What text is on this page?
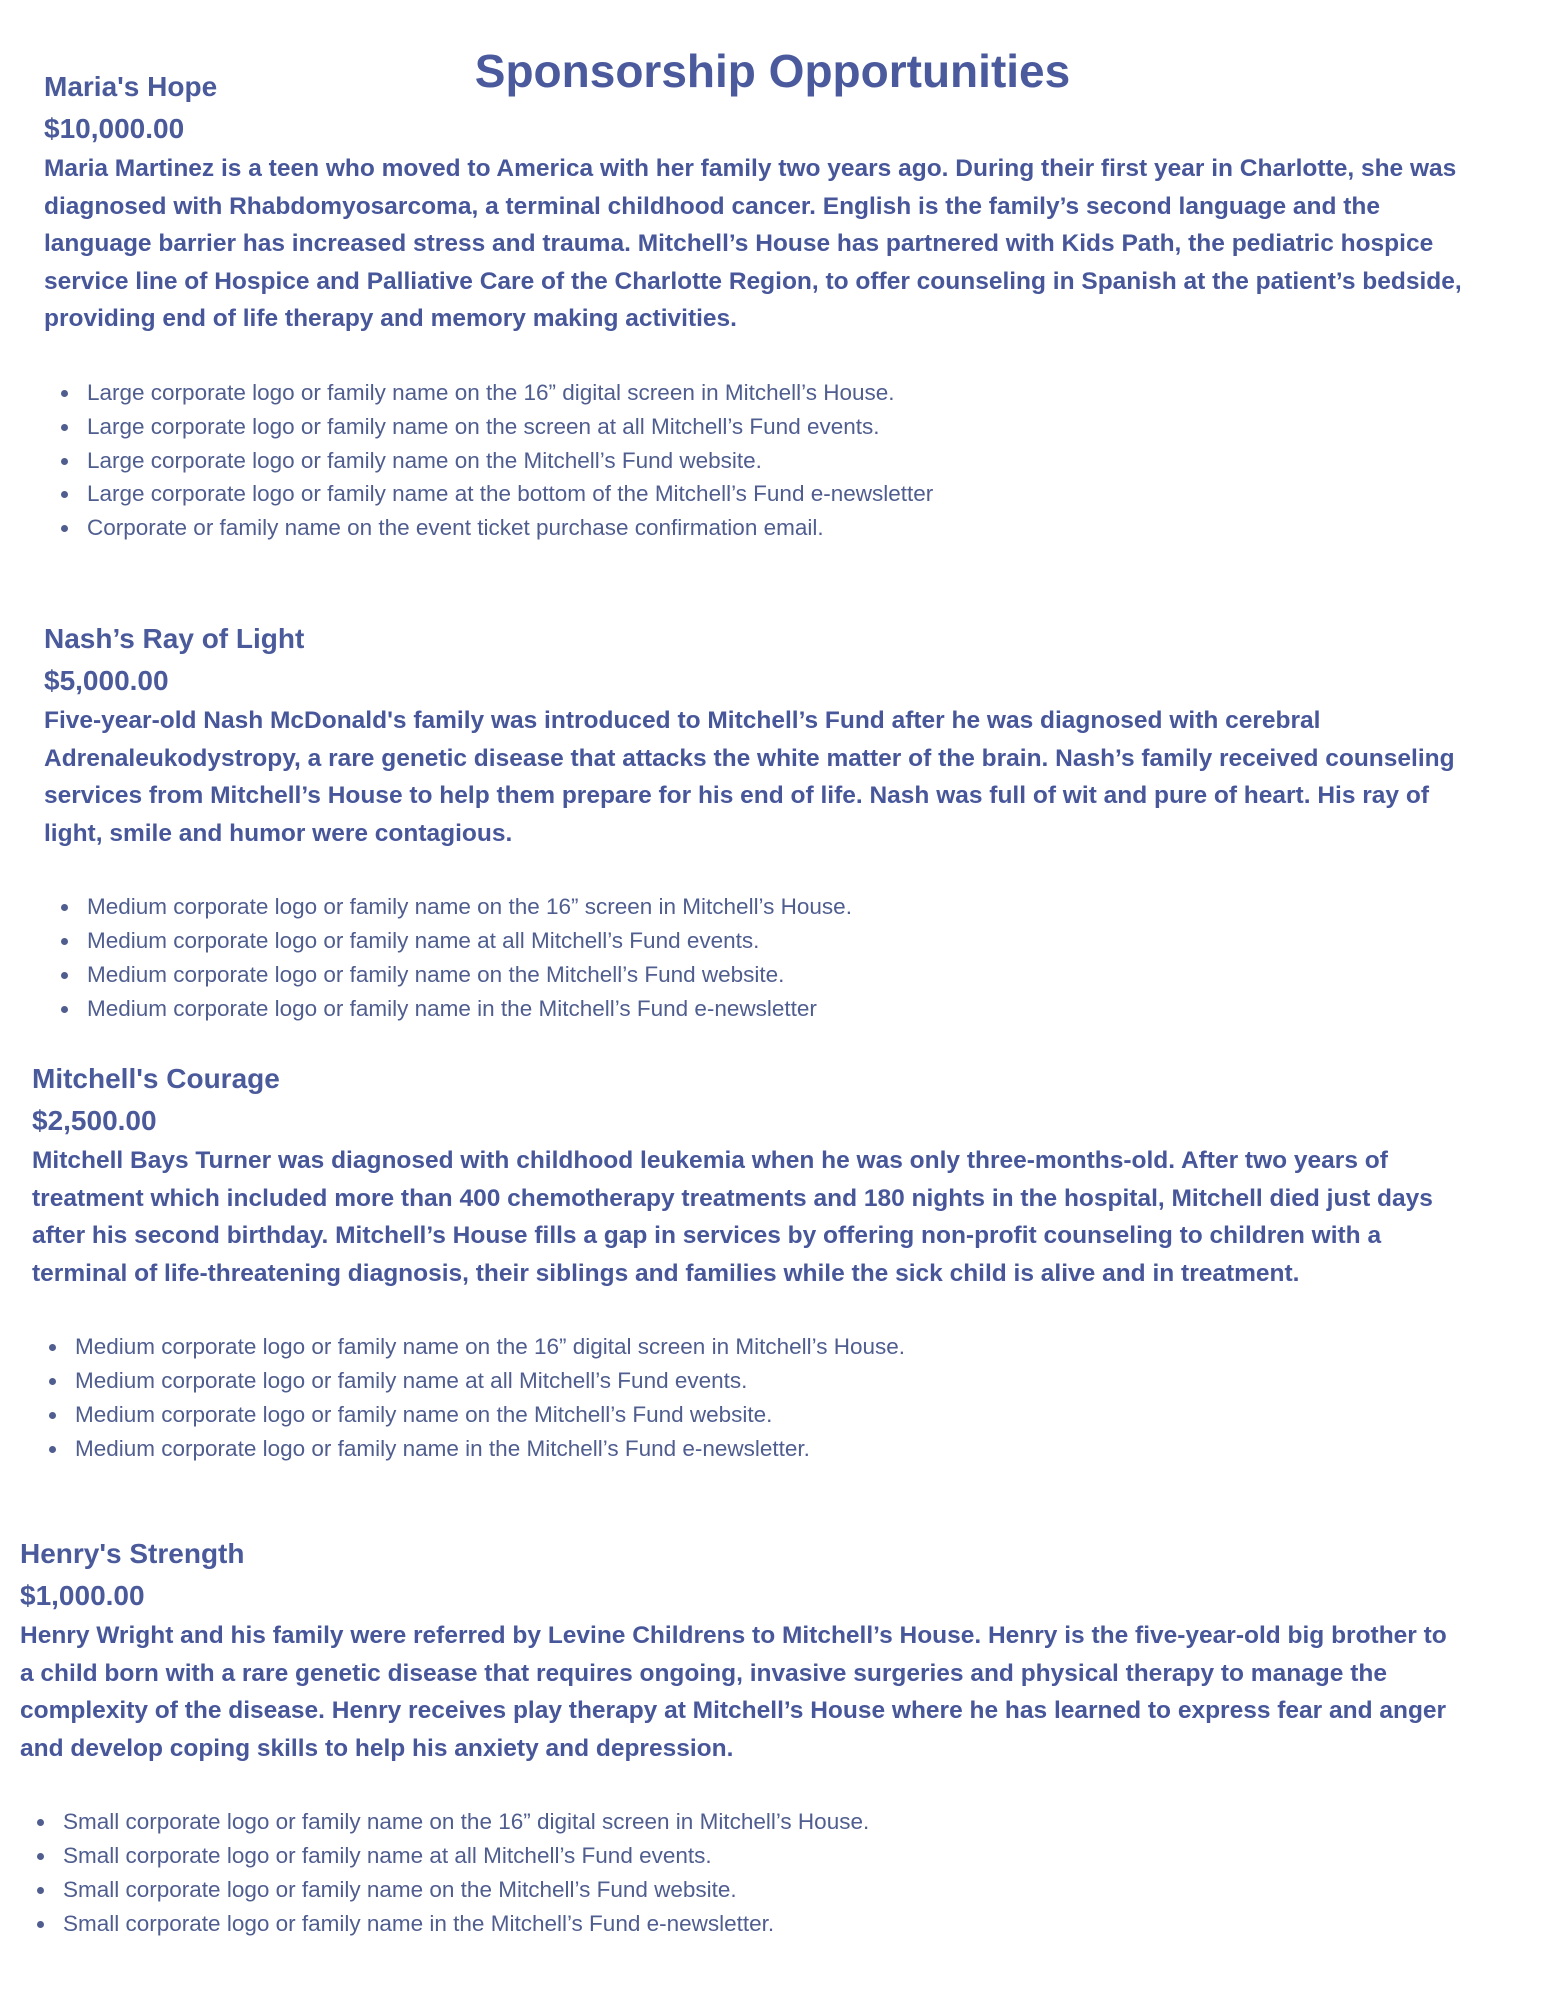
Sponsorship Opportunities

Maria's Hope

$10,000.00

Maria Martinez is a teen who moved to America with her family two years ago. During their first year in Charlotte, she was diagnosed with Rhabdomyosarcoma, a terminal childhood cancer. English is the family’s second language and the language barrier has increased stress and trauma. Mitchell’s House has partnered with Kids Path, the pediatric hospice service line of Hospice and Palliative Care of the Charlotte Region, to offer counseling in Spanish at the patient’s bedside, providing end of life therapy and memory making activities.

Large corporate logo or family name on the 16” digital screen in Mitchell’s House.
Large corporate logo or family name on the screen at all Mitchell’s Fund events.
Large corporate logo or family name on the Mitchell’s Fund website.
Large corporate logo or family name at the bottom of the Mitchell’s Fund e-newsletter
Corporate or family name on the event ticket purchase confirmation email.

Nash’s Ray of Light

$5,000.00

Five-year-old Nash McDonald's family was introduced to Mitchell’s Fund after he was diagnosed with cerebral Adrenaleukodystropy, a rare genetic disease that attacks the white matter of the brain. Nash’s family received counseling services from Mitchell’s House to help them prepare for his end of life. Nash was full of wit and pure of heart. His ray of light, smile and humor were contagious.

Medium corporate logo or family name on the 16” screen in Mitchell’s House.
Medium corporate logo or family name at all Mitchell’s Fund events.
Medium corporate logo or family name on the Mitchell’s Fund website.
Medium corporate logo or family name in the Mitchell’s Fund e-newsletter

Mitchell's Courage

$2,500.00

Mitchell Bays Turner was diagnosed with childhood leukemia when he was only three-months-old. After two years of treatment which included more than 400 chemotherapy treatments and 180 nights in the hospital, Mitchell died just days after his second birthday. Mitchell’s House fills a gap in services by offering non-profit counseling to children with a terminal of life-threatening diagnosis, their siblings and families while the sick child is alive and in treatment.

Medium corporate logo or family name on the 16” digital screen in Mitchell’s House.
Medium corporate logo or family name at all Mitchell’s Fund events.
Medium corporate logo or family name on the Mitchell’s Fund website.
Medium corporate logo or family name in the Mitchell’s Fund e-newsletter.

Henry's Strength

$1,000.00

Henry Wright and his family were referred by Levine Childrens to Mitchell’s House. Henry is the five-year-old big brother to a child born with a rare genetic disease that requires ongoing, invasive surgeries and physical therapy to manage the complexity of the disease. Henry receives play therapy at Mitchell’s House where he has learned to express fear and anger and develop coping skills to help his anxiety and depression.

Small corporate logo or family name on the 16” digital screen in Mitchell’s House.
Small corporate logo or family name at all Mitchell’s Fund events.
Small corporate logo or family name on the Mitchell’s Fund website.
Small corporate logo or family name in the Mitchell’s Fund e-newsletter.
